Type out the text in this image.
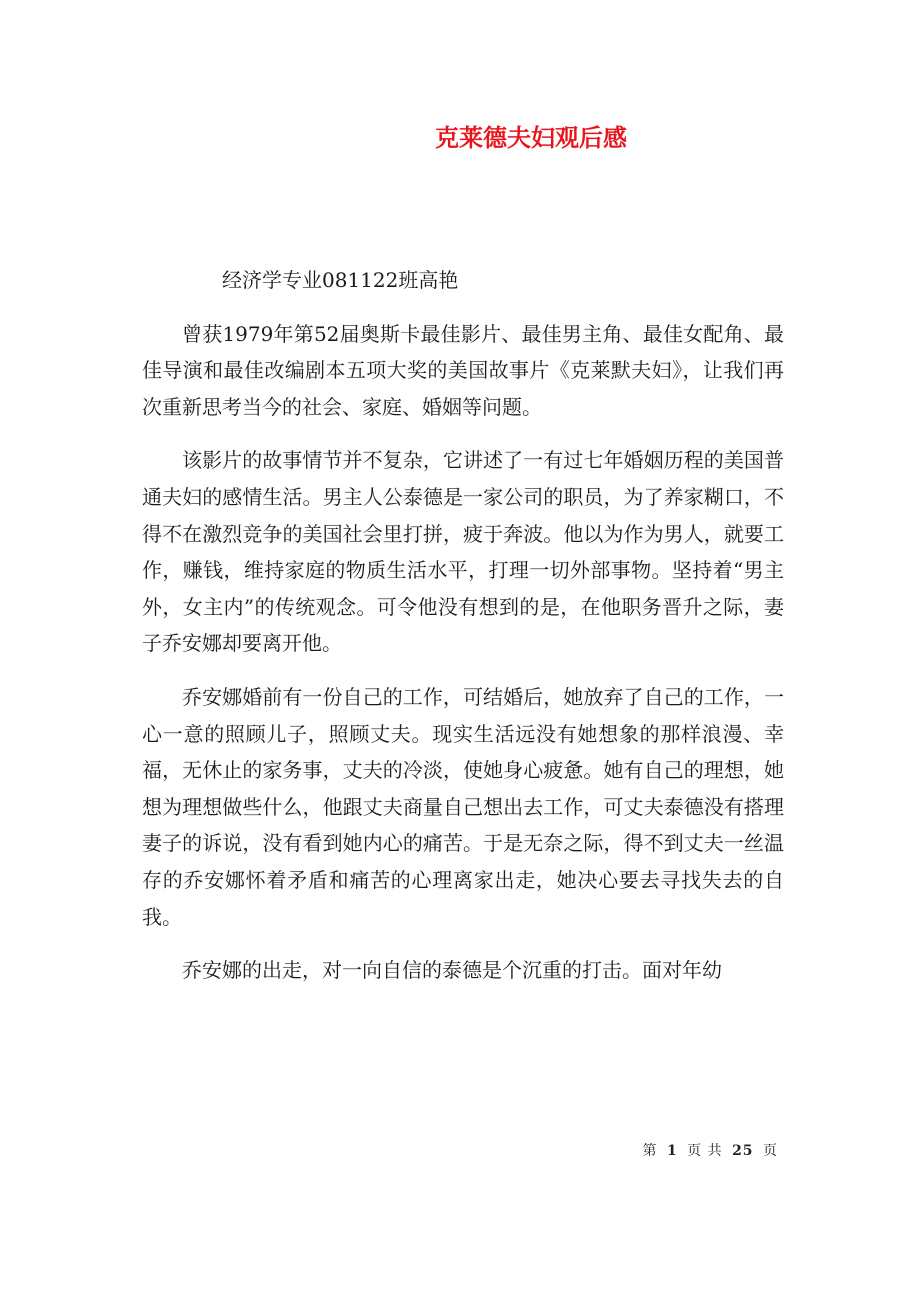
克莱德夫妇观后感

经济学专业081122班高艳

曾获1979年第52届奥斯卡最佳影片、最佳男主角、最佳女配角、最佳导演和最佳改编剧本五项大奖的美国故事片《克莱默夫妇》，让我们再次重新思考当今的社会、家庭、婚姻等问题。

该影片的故事情节并不复杂，它讲述了一有过七年婚姻历程的美国普通夫妇的感情生活。男主人公泰德是一家公司的职员，为了养家糊口，不得不在激烈竞争的美国社会里打拼，疲于奔波。他以为作为男人，就要工作，赚钱，维持家庭的物质生活水平，打理一切外部事物。坚持着“男主外，女主内”的传统观念。可令他没有想到的是，在他职务晋升之际，妻子乔安娜却要离开他。

乔安娜婚前有一份自己的工作，可结婚后，她放弃了自己的工作，一心一意的照顾儿子，照顾丈夫。现实生活远没有她想象的那样浪漫、幸福，无休止的家务事，丈夫的冷淡，使她身心疲惫。她有自己的理想，她想为理想做些什么，他跟丈夫商量自己想出去工作，可丈夫泰德没有搭理妻子的诉说，没有看到她内心的痛苦。于是无奈之际，得不到丈夫一丝温存的乔安娜怀着矛盾和痛苦的心理离家出走，她决心要去寻找失去的自我。

乔安娜的出走，对一向自信的泰德是个沉重的打击。面对年幼

第 1 页 共 25 页
